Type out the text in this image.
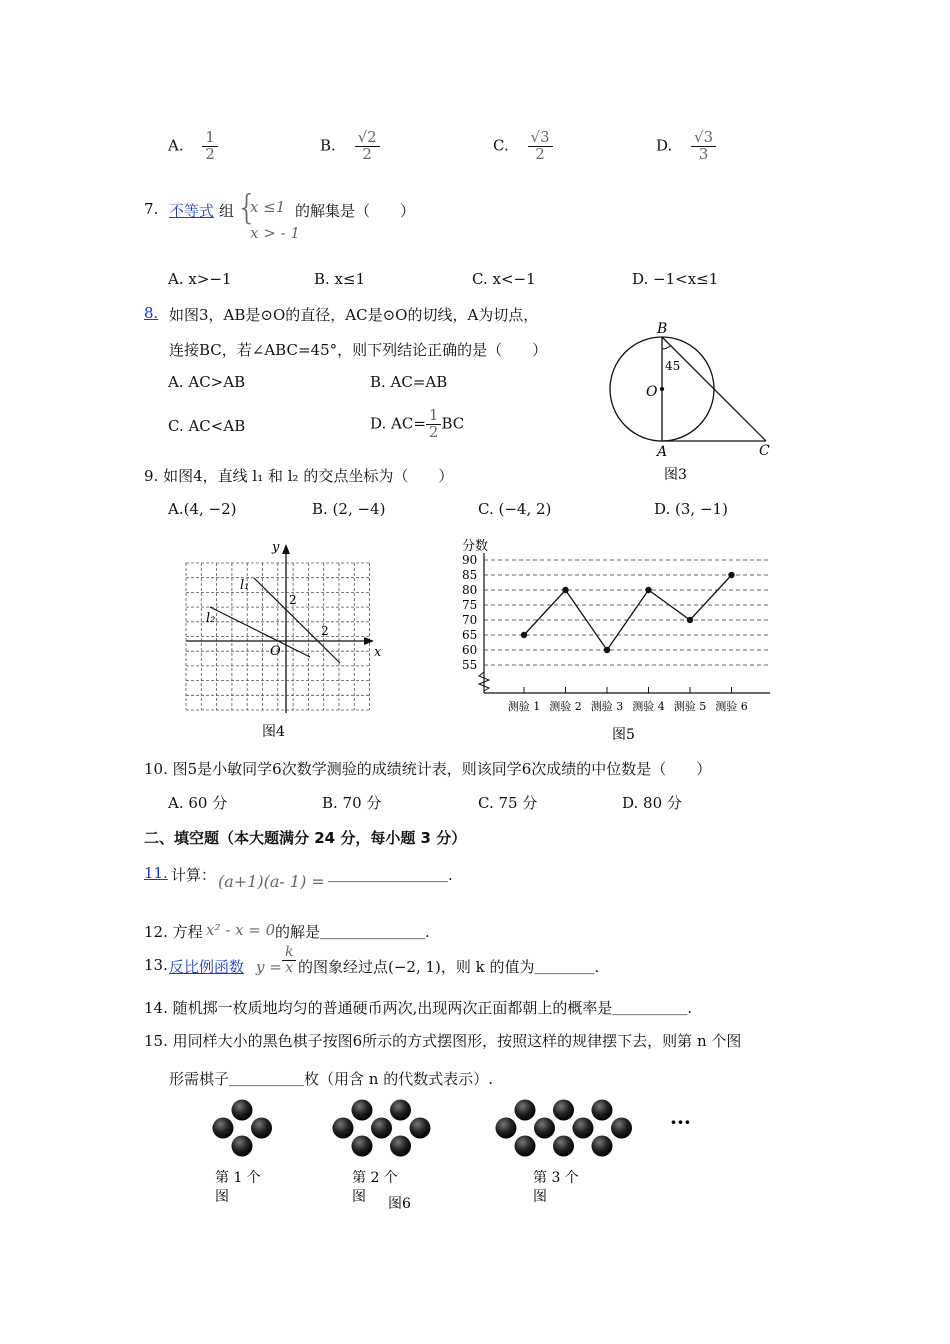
A. $\frac{1}{2}$	B. $\frac{√2}{2}$	C. $\frac{√3}{2}$	D. $\frac{√3}{3}$
7. 不等式 组 {
x ≤1
x > - 1
的解集是（　　）
A. x>−1	B. x≤1	C. x<−1	D. −1<x≤1
8. 如图3，AB是⊙O的直径，AC是⊙O的切线，A为切点，
连接BC，若∠ABC=45°，则下列结论正确的是（　　）
A. AC>AB	B. AC=AB
C. AC<AB	D. $AC= \frac{1}{2}$ BC
B
O
A	C
45
图3
9. 如图4，直线 l₁ 和 l₂ 的交点坐标为（　　）
A.(4, −2)	B. (2, −4)	C. (−4, 2)	D. (3, −1)
y
x
O
l₁
l₂
2
2
图4
分数
55
60
65
70
75
80
85
90
测验 1 测验 2 测验 3 测验 4 测验 5 测验 6
图5
10. 图5是小敏同学6次数学测验的成绩统计表，则该同学6次成绩的中位数是（　　）
A. 60 分	B. 70 分	C. 75 分	D. 80 分
二、填空题（本大题满分 24 分，每小题 3 分）
11. 计算： (a+1)(a- 1) = ＿＿＿＿＿＿＿＿.
12. 方程 x² - x = 0 的解是＿＿＿＿＿＿＿.
13. 反比例函数 $y = \frac{k}{x}$ 的图象经过点(−2, 1)，则 k 的值为＿＿＿＿.
14. 随机掷一枚质地均匀的普通硬币两次,出现两次正面都朝上的概率是＿＿＿＿＿.
15. 用同样大小的黑色棋子按图6所示的方式摆图形，按照这样的规律摆下去，则第 n 个图
形需棋子＿＿＿＿＿枚（用含 n 的代数式表示）.
···
第 1 个
图
第 2 个
图 图6
第 3 个
图
